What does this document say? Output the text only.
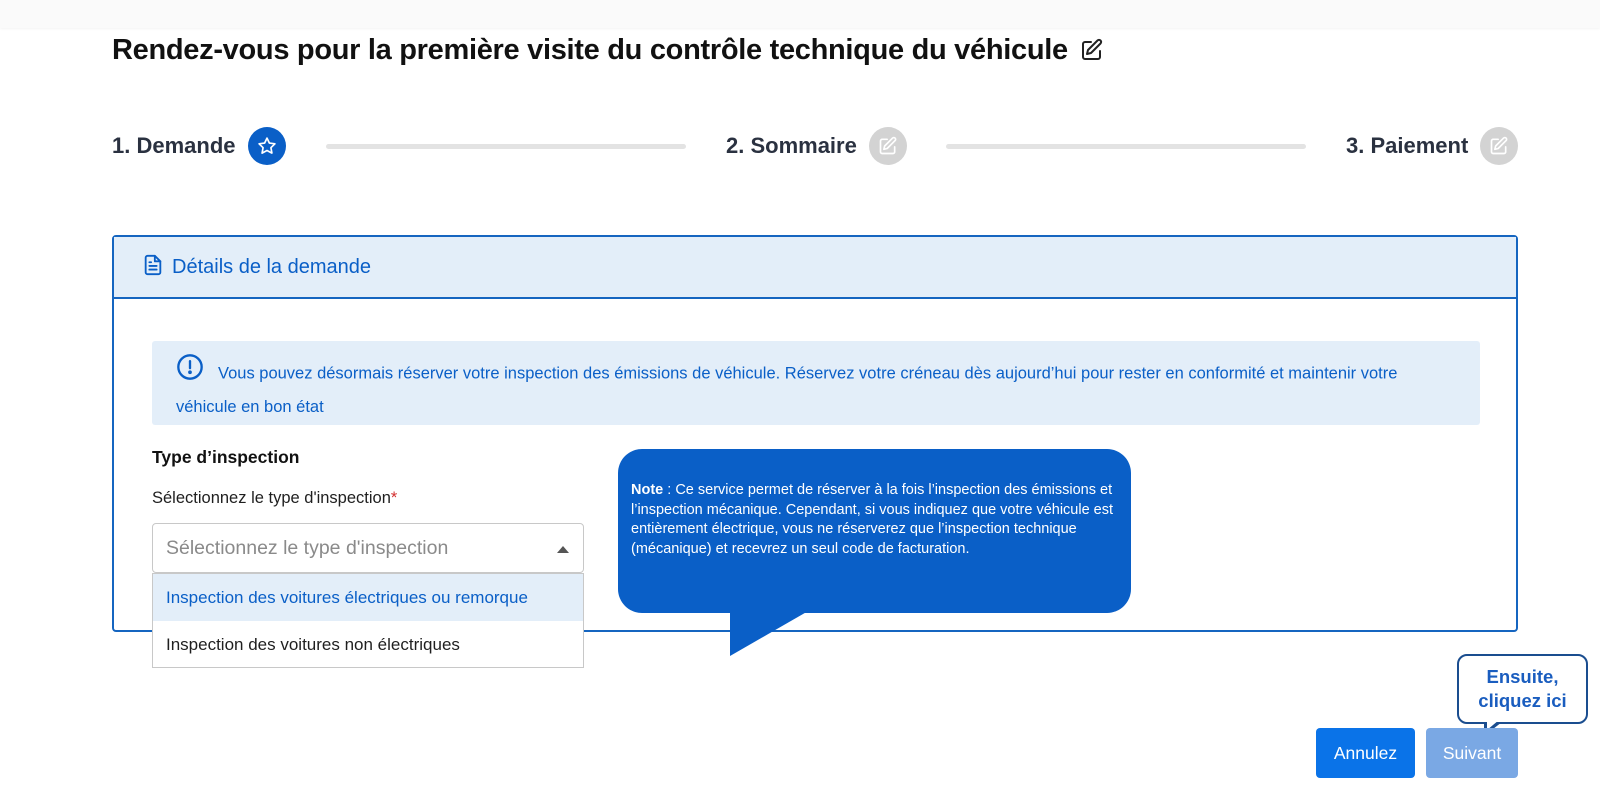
Rendez-vous pour la première visite du contrôle technique du véhicule
1. Demande	2. Sommaire	3. Paiement
Détails de la demande
Vous pouvez désormais réserver votre inspection des émissions de véhicule. Réservez votre créneau dès aujourd’hui pour rester en conformité et maintenir votre véhicule en bon état
Type d’inspection
Sélectionnez le type d'inspection*
Sélectionnez le type d'inspection
Inspection des voitures électriques ou remorque
Inspection des voitures non électriques
Note : Ce service permet de réserver à la fois l’inspection des émissions et l’inspection mécanique. Cependant, si vous indiquez que votre véhicule est entièrement électrique, vous ne réserverez que l’inspection technique (mécanique) et recevrez un seul code de facturation.
Ensuite,
cliquez ici
Annulez	Suivant
